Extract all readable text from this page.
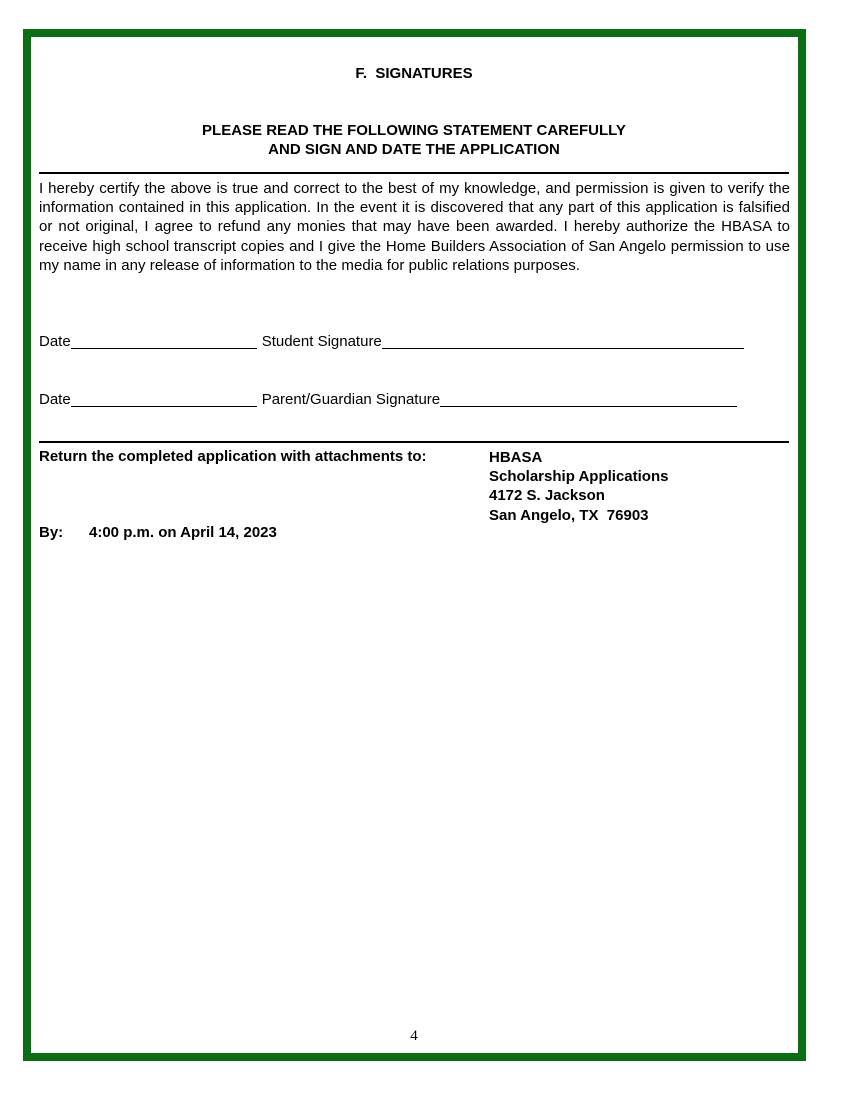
F.  SIGNATURES
PLEASE READ THE FOLLOWING STATEMENT CAREFULLY
AND SIGN AND DATE THE APPLICATION
I hereby certify the above is true and correct to the best of my knowledge, and permission is given to verify the information contained in this application. In the event it is discovered that any part of this application is falsified or not original, I agree to refund any monies that may have been awarded. I hereby authorize the HBASA to receive high school transcript copies and I give the Home Builders Association of San Angelo permission to use my name in any release of information to the media for public relations purposes.
Date	Student Signature
Date	Parent/Guardian Signature
Return the completed application with attachments to:	HBASA
Scholarship Applications
4172 S. Jackson
San Angelo, TX  76903
By: 4:00 p.m. on April 14, 2023
4
